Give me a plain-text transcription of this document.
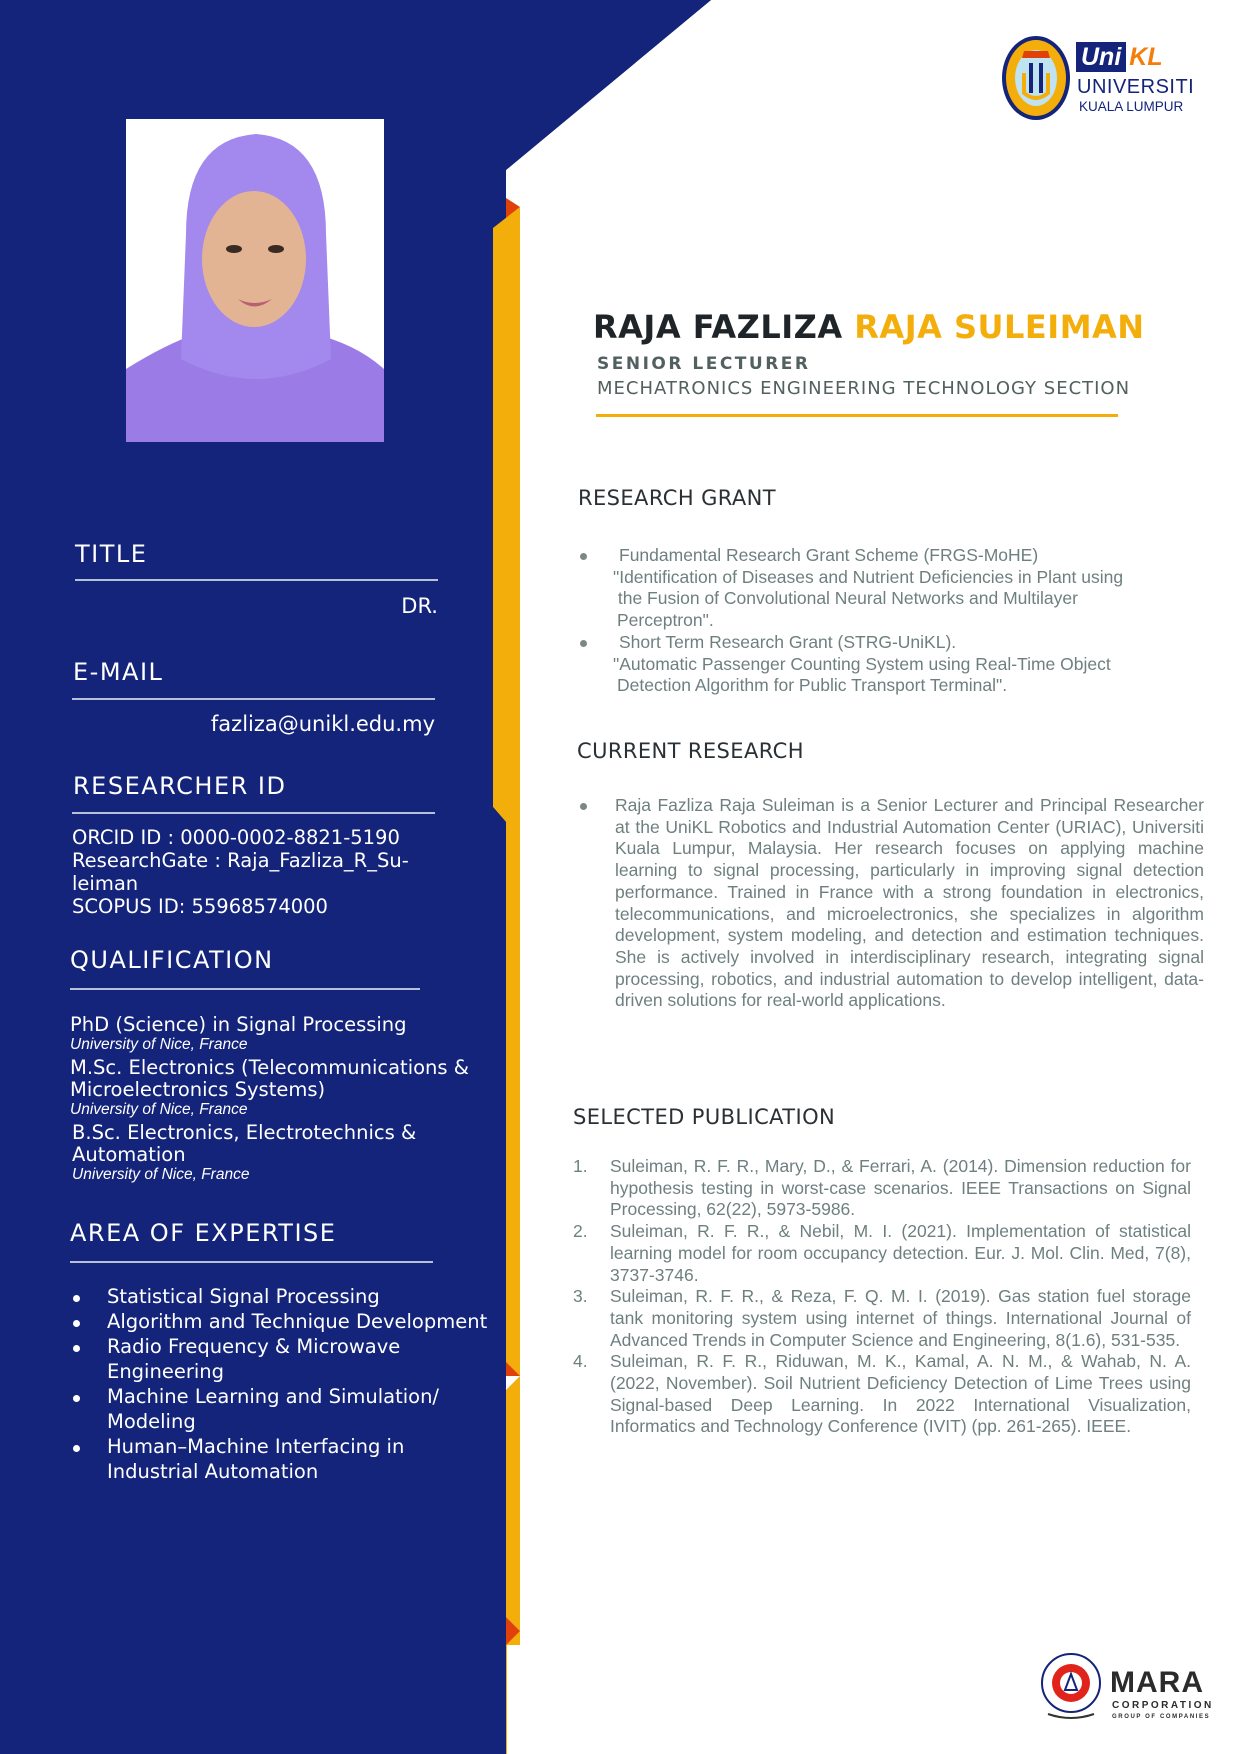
Uni KL
UNIVERSITI
KUALA LUMPUR
MARA
CORPORATION
GROUP OF COMPANIES
TITLE
DR.
E-MAIL
fazliza@unikl.edu.my
RESEARCHER ID
ORCID ID : 0000-0002-8821-5190
ResearchGate : Raja_Fazliza_R_Su-
leiman
SCOPUS ID: 55968574000
QUALIFICATION
PhD (Science) in Signal Processing
University of Nice, France
M.Sc. Electronics (Telecommunications &
Microelectronics Systems)
University of Nice, France
B.Sc. Electronics, Electrotechnics &
Automation
University of Nice, France
AREA OF EXPERTISE
Statistical Signal Processing
Algorithm and Technique Development
Radio Frequency & Microwave
Engineering
Machine Learning and Simulation/
Modeling
Human–Machine Interfacing in
Industrial Automation
RAJA FAZLIZA RAJA SULEIMAN
SENIOR LECTURER
MECHATRONICS ENGINEERING TECHNOLOGY SECTION
RESEARCH GRANT
Fundamental Research Grant Scheme (FRGS-MoHE)
"Identification of Diseases and Nutrient Deficiencies in Plant using
the Fusion of Convolutional Neural Networks and Multilayer
Perceptron".
Short Term Research Grant (STRG-UniKL).
"Automatic Passenger Counting System using Real-Time Object
Detection Algorithm for Public Transport Terminal".
CURRENT RESEARCH
Raja Fazliza Raja Suleiman is a Senior Lecturer and Principal Researcher at the UniKL Robotics and Industrial Automation Center (URIAC), Universiti Kuala Lumpur, Malaysia. Her research focuses on applying machine learning to signal processing, particularly in improving signal detection performance. Trained in France with a strong foundation in electronics, telecommunications, and microelectronics, she specializes in algorithm development, system modeling, and detection and estimation techniques. She is actively involved in interdisciplinary research, integrating signal processing, robotics, and industrial automation to develop intelligent, data-driven solutions for real-world applications.
SELECTED PUBLICATION
1. Suleiman, R. F. R., Mary, D., & Ferrari, A. (2014). Dimension reduction for hypothesis testing in worst-case scenarios. IEEE Transactions on Signal Processing, 62(22), 5973-5986.
2. Suleiman, R. F. R., & Nebil, M. I. (2021). Implementation of statistical learning model for room occupancy detection. Eur. J. Mol. Clin. Med, 7(8), 3737-3746.
3. Suleiman, R. F. R., & Reza, F. Q. M. I. (2019). Gas station fuel storage tank monitoring system using internet of things. International Journal of Advanced Trends in Computer Science and Engineering, 8(1.6), 531-535.
4. Suleiman, R. F. R., Riduwan, M. K., Kamal, A. N. M., & Wahab, N. A. (2022, November). Soil Nutrient Deficiency Detection of Lime Trees using Signal-based Deep Learning. In 2022 International Visualization, Informatics and Technology Conference (IVIT) (pp. 261-265). IEEE.
